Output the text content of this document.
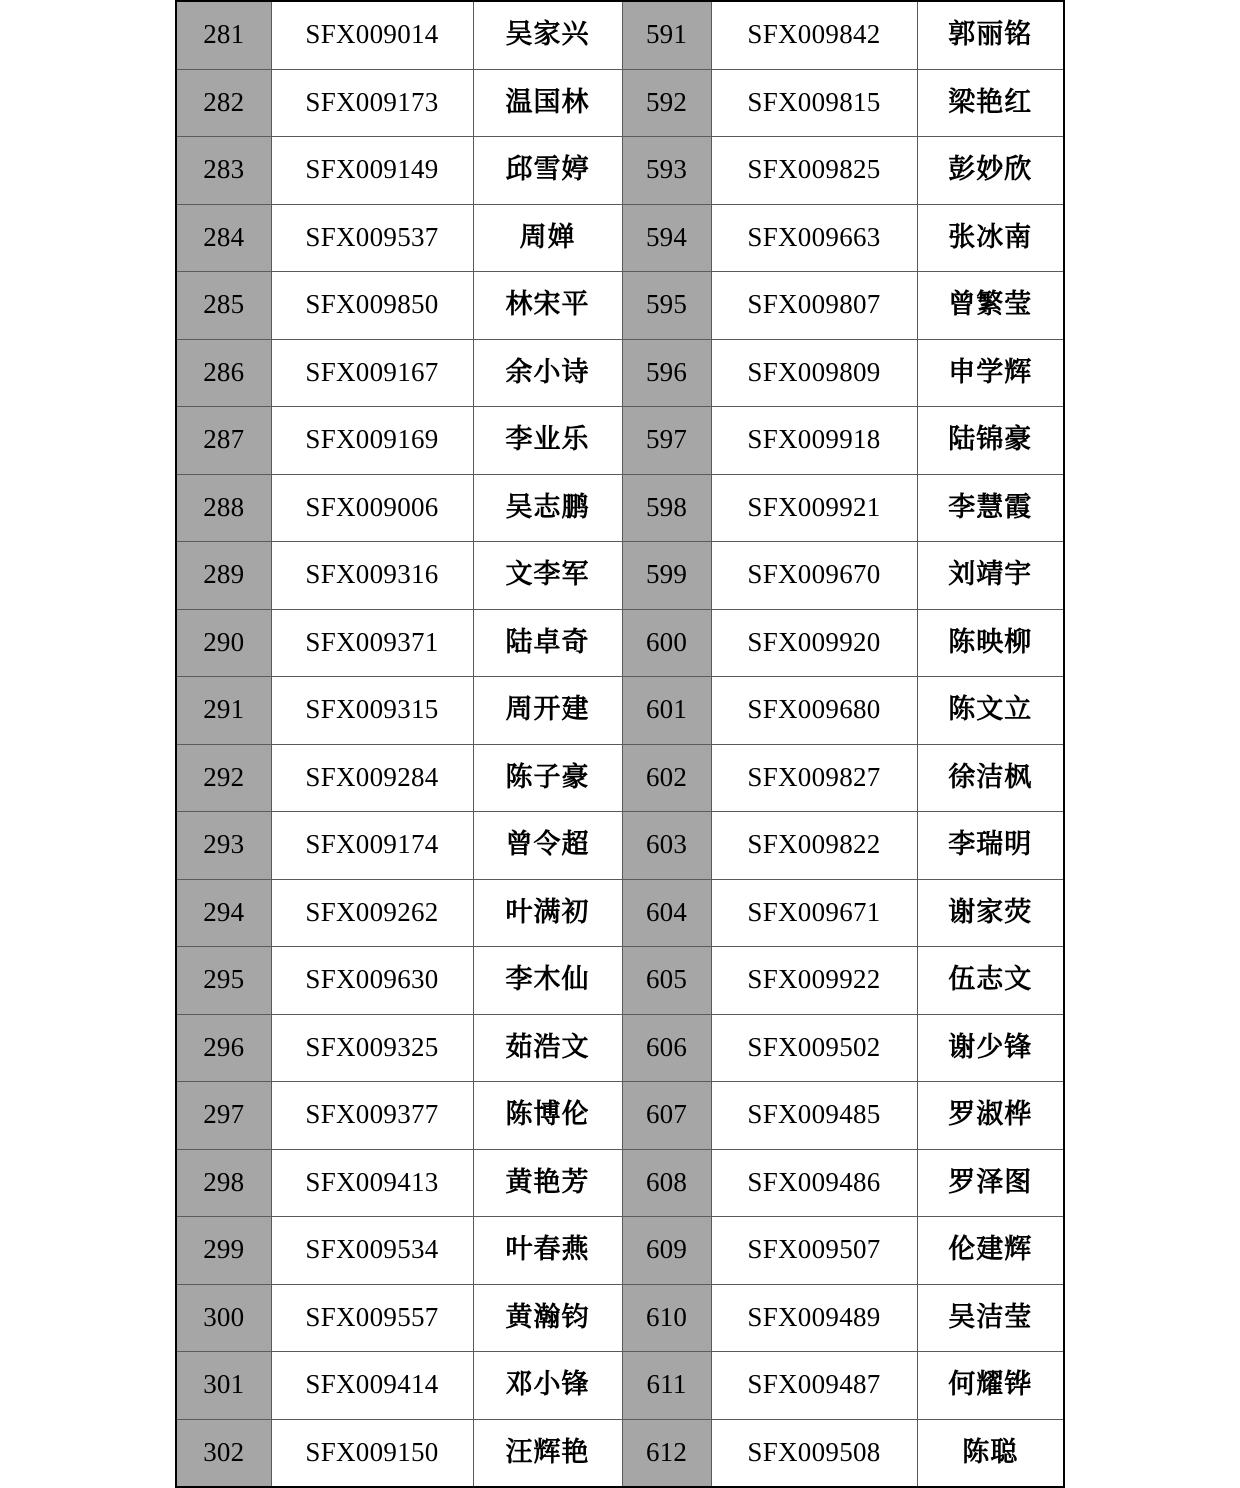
281	SFX009014	吴家兴	591	SFX009842	郭丽铭
282	SFX009173	温国林	592	SFX009815	梁艳红
283	SFX009149	邱雪婷	593	SFX009825	彭妙欣
284	SFX009537	周婵	594	SFX009663	张冰南
285	SFX009850	林宋平	595	SFX009807	曾繁莹
286	SFX009167	余小诗	596	SFX009809	申学辉
287	SFX009169	李业乐	597	SFX009918	陆锦豪
288	SFX009006	吴志鹏	598	SFX009921	李慧霞
289	SFX009316	文李军	599	SFX009670	刘靖宇
290	SFX009371	陆卓奇	600	SFX009920	陈映柳
291	SFX009315	周开建	601	SFX009680	陈文立
292	SFX009284	陈子豪	602	SFX009827	徐洁枫
293	SFX009174	曾令超	603	SFX009822	李瑞明
294	SFX009262	叶满初	604	SFX009671	谢家荧
295	SFX009630	李木仙	605	SFX009922	伍志文
296	SFX009325	茹浩文	606	SFX009502	谢少锋
297	SFX009377	陈博伦	607	SFX009485	罗淑桦
298	SFX009413	黄艳芳	608	SFX009486	罗泽图
299	SFX009534	叶春燕	609	SFX009507	伦建辉
300	SFX009557	黄瀚钧	610	SFX009489	吴洁莹
301	SFX009414	邓小锋	611	SFX009487	何耀铧
302	SFX009150	汪辉艳	612	SFX009508	陈聪
